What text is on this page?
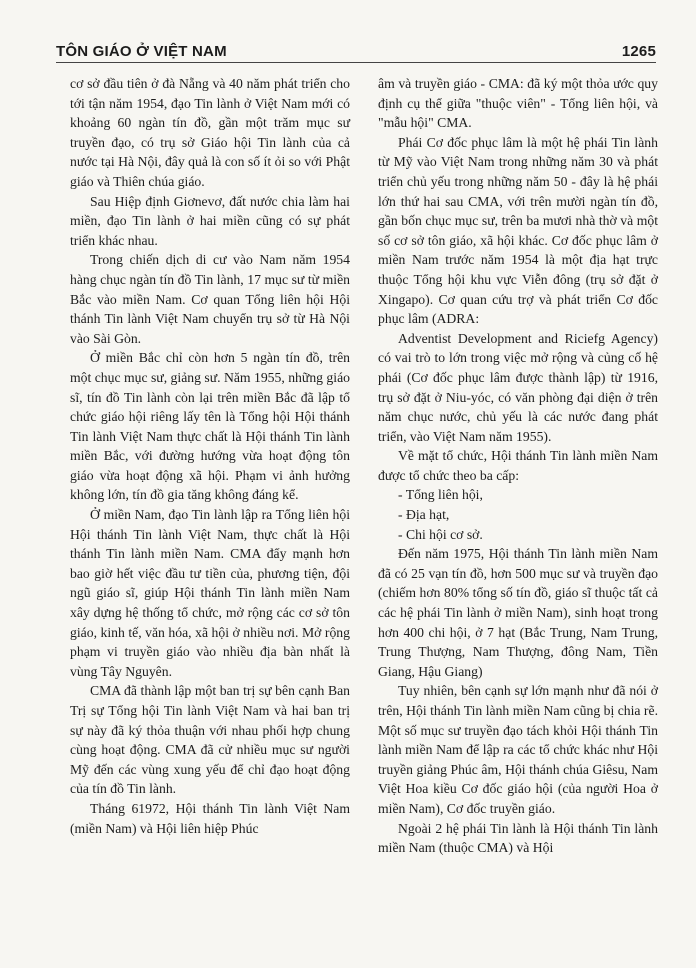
TÔN GIÁO Ở VIỆT NAM	1265

cơ sở đầu tiên ở đà Nẵng và 40 năm phát triển cho tới tận năm 1954, đạo Tin lành ở Việt Nam mới có khoảng 60 ngàn tín đồ, gần một trăm mục sư truyền đạo, có trụ sở Giáo hội Tin lành của cả nước tại Hà Nội, đây quả là con số ít ỏi so với Phật giáo và Thiên chúa giáo.

Sau Hiệp định Giơnevơ, đất nước chia làm hai miền, đạo Tin lành ở hai miền cũng có sự phát triển khác nhau.

Trong chiến dịch di cư vào Nam năm 1954 hàng chục ngàn tín đồ Tin lành, 17 mục sư từ miền Bắc vào miền Nam. Cơ quan Tổng liên hội Hội thánh Tin lành Việt Nam chuyển trụ sở từ Hà Nội vào Sài Gòn.

Ở miền Bắc chỉ còn hơn 5 ngàn tín đồ, trên một chục mục sư, giảng sư. Năm 1955, những giáo sĩ, tín đồ Tin lành còn lại trên miền Bắc đã lập tổ chức giáo hội riêng lấy tên là Tổng hội Hội thánh Tin lành Việt Nam thực chất là Hội thánh Tin lành miền Bắc, với đường hướng vừa hoạt động tôn giáo vừa hoạt động xã hội. Phạm vi ảnh hưởng không lớn, tín đồ gia tăng không đáng kể.

Ở miền Nam, đạo Tin lành lập ra Tổng liên hội Hội thánh Tin lành Việt Nam, thực chất là Hội thánh Tin lành miền Nam. CMA đẩy mạnh hơn bao giờ hết việc đầu tư tiền của, phương tiện, đội ngũ giáo sĩ, giúp Hội thánh Tin lành miền Nam xây dựng hệ thống tổ chức, mở rộng các cơ sở tôn giáo, kinh tế, văn hóa, xã hội ở nhiều nơi. Mở rộng phạm vi truyền giáo vào nhiều địa bàn nhất là vùng Tây Nguyên.

CMA đã thành lập một ban trị sự bên cạnh Ban Trị sự Tổng hội Tin lành Việt Nam và hai ban trị sự này đã ký thỏa thuận với nhau phối hợp chung cùng hoạt động. CMA đã cử nhiều mục sư người Mỹ đến các vùng xung yếu để chỉ đạo hoạt động của tín đồ Tin lành.

Tháng 61972, Hội thánh Tin lành Việt Nam (miền Nam) và Hội liên hiệp Phúc

âm và truyền giáo - CMA: đã ký một thỏa ước quy định cụ thể giữa "thuộc viên" - Tổng liên hội, và "mẫu hội" CMA.

Phái Cơ đốc phục lâm là một hệ phái Tin lành từ Mỹ vào Việt Nam trong những năm 30 và phát triển chủ yếu trong những năm 50 - đây là hệ phái lớn thứ hai sau CMA, với trên mười ngàn tín đồ, gần bốn chục mục sư, trên ba mươi nhà thờ và một số cơ sở tôn giáo, xã hội khác. Cơ đốc phục lâm ở miền Nam trước năm 1954 là một địa hạt trực thuộc Tổng hội khu vực Viễn đông (trụ sở đặt ở Xingapo). Cơ quan cứu trợ và phát triển Cơ đốc phục lâm (ADRA:

Adventist Development and Riciefg Agency) có vai trò to lớn trong việc mở rộng và củng cố hệ phái (Cơ đốc phục lâm được thành lập) từ 1916, trụ sở đặt ở Niu-yóc, có văn phòng đại diện ở trên năm chục nước, chủ yếu là các nước đang phát triển, vào Việt Nam năm 1955).

Về mặt tổ chức, Hội thánh Tin lành miền Nam được tổ chức theo ba cấp:

- Tổng liên hội,

- Địa hạt,

- Chi hội cơ sở.

Đến năm 1975, Hội thánh Tin lành miền Nam đã có 25 vạn tín đồ, hơn 500 mục sư và truyền đạo (chiếm hơn 80% tổng số tín đồ, giáo sĩ thuộc tất cả các hệ phái Tin lành ở miền Nam), sinh hoạt trong hơn 400 chi hội, ở 7 hạt (Bắc Trung, Nam Trung, Trung Thượng, Nam Thượng, đông Nam, Tiền Giang, Hậu Giang)

Tuy nhiên, bên cạnh sự lớn mạnh như đã nói ở trên, Hội thánh Tin lành miền Nam cũng bị chia rẽ. Một số mục sư truyền đạo tách khỏi Hội thánh Tin lành miền Nam để lập ra các tổ chức khác như Hội truyền giảng Phúc âm, Hội thánh chúa Giêsu, Nam Việt Hoa kiều Cơ đốc giáo hội (của người Hoa ở miền Nam), Cơ đốc truyền giáo.

Ngoài 2 hệ phái Tin lành là Hội thánh Tin lành miền Nam (thuộc CMA) và Hội
